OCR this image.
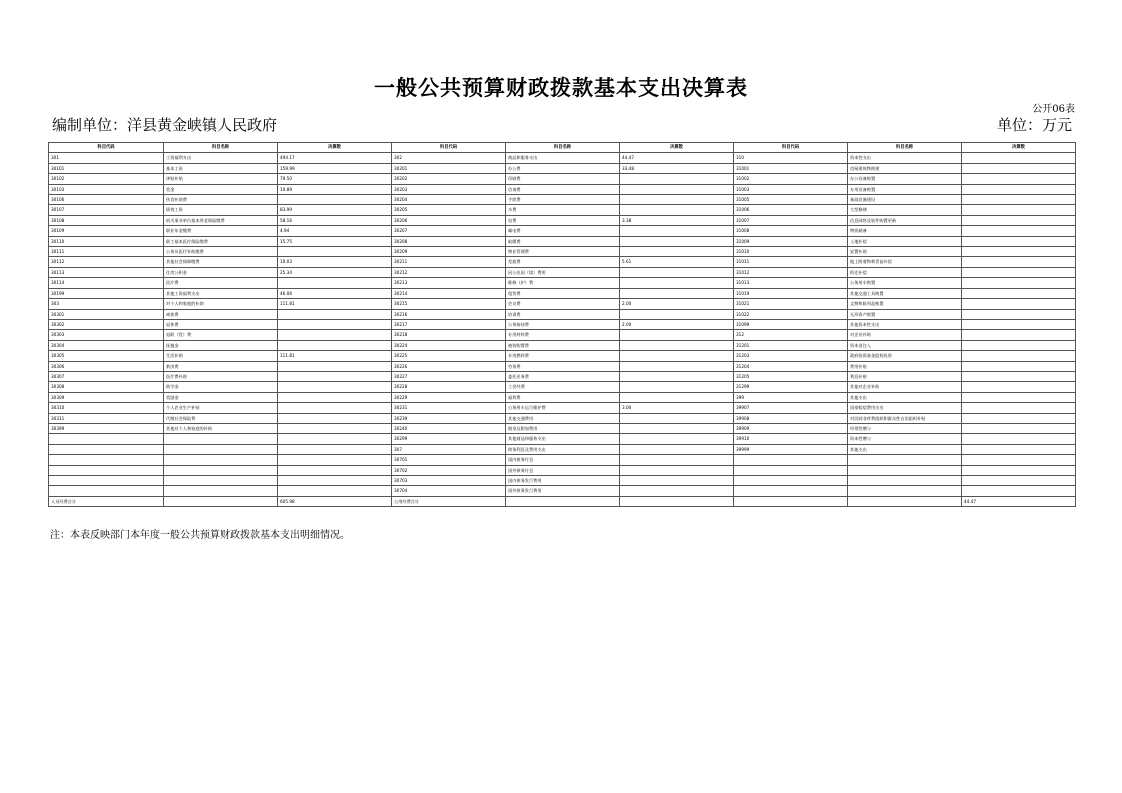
一般公共预算财政拨款基本支出决算表
公开06表
编制单位：洋县黄金峡镇人民政府	单位：万元
科目代码	科目名称	决算数	科目代码	科目名称	决算数	科目代码	科目名称	决算数
301	工资福利支出	494.17	302	商品和服务支出	44.47	310	资本性支出	
30101	基本工资	159.99	30201	办公费	33.48	31001	房屋建筑物购建	
30102	津贴补贴	79.50	30202	印刷费		31002	办公设备购置	
30103	奖金	10.89	30203	咨询费		31003	专用设备购置	
30106	伙食补助费		30204	手续费		31005	基础设施建设	
30107	绩效工资	83.99	30205	水费		31006	大型修缮	
30108	机关事业单位基本养老保险缴费	58.16	30206	电费	3.38	31007	信息网络及软件购置更新	
30109	职业年金缴费	4.94	30207	邮电费		31008	物资储备	
30110	职工基本医疗保险缴费	15.75	30208	取暖费		31009	土地补偿	
30111	公务员医疗补助缴费		30209	物业管理费		31010	安置补助	
30112	其他社会保障缴费	10.03	30211	差旅费	5.61	31011	地上附着物和青苗补偿	
30113	住房公积金	25.34	30212	因公出国（境）费用		31012	拆迁补偿	
30114	医疗费		30213	维修（护）费		31013	公务用车购置	
30199	其他工资福利支出	46.06	30214	租赁费		31019	其他交通工具购置	
303	对个人和家庭的补助	111.81	30215	会议费	2.00	31021	文物和陈列品购置	
30301	离休费		30216	培训费		31022	无形资产购置	
30302	退休费		30217	公务接待费	2.00	31099	其他资本性支出	
30303	退职（役）费		30218	专用材料费		312	对企业补助	
30304	抚恤金		30224	被装购置费		31201	资本金注入	
30305	生活补助	111.81	30225	专用燃料费		31203	政府投资基金股权投资	
30306	救济费		30226	劳务费		31204	费用补贴	
30307	医疗费补助		30227	委托业务费		31205	利息补贴	
30308	助学金		30228	工会经费		31299	其他对企业补助	
30309	奖励金		30229	福利费		399	其他支出	
30310	个人农业生产补贴		30231	公务用车运行维护费	3.00	39907	国家赔偿费用支出	
30311	代缴社会保险费		30239	其他交通费用		39908	对民间非营利组织和群众性自治组织补贴	
30399	其他对个人和家庭的补助		30240	税金及附加费用		39909	经常性赠与	
			30299	其他商品和服务支出		39910	资本性赠与	
			307	债务利息及费用支出		39999	其他支出	
			30701	国内债务付息				
			30702	国外债务付息				
			30703	国内债务发行费用				
			30704	国外债务发行费用				
人员经费合计		605.98	公用经费合计					44.47
注：本表反映部门本年度一般公共预算财政拨款基本支出明细情况。
